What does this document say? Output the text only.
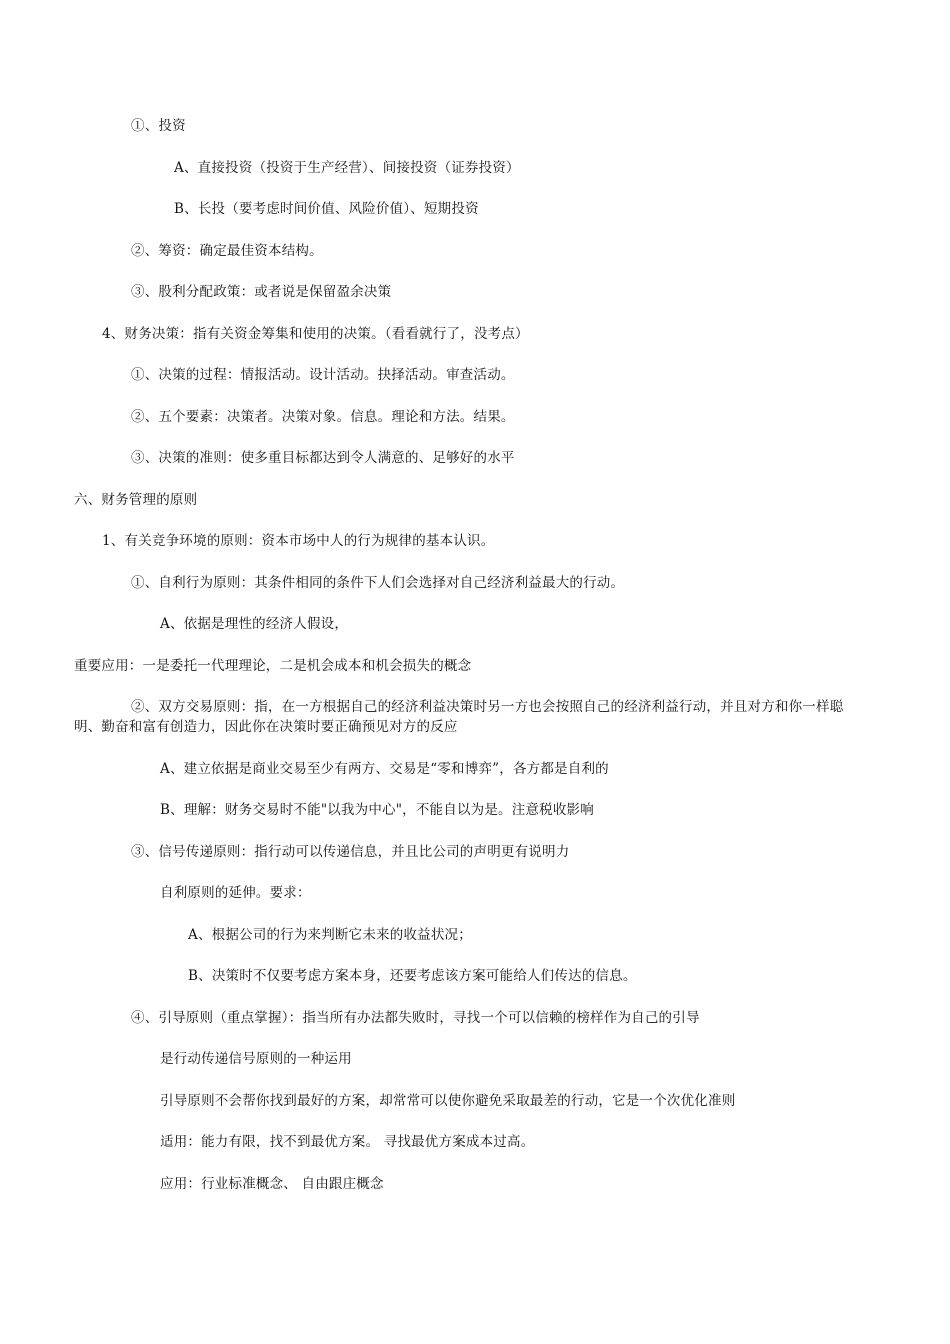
①、投资
A、直接投资（投资于生产经营）、间接投资（证券投资）
B、长投（要考虑时间价值、风险价值）、短期投资
②、筹资：确定最佳资本结构。
③、股利分配政策：或者说是保留盈余决策
4、财务决策：指有关资金筹集和使用的决策。（看看就行了，没考点）
①、决策的过程：情报活动。设计活动。抉择活动。审查活动。
②、五个要素：决策者。决策对象。信息。理论和方法。结果。
③、决策的准则：使多重目标都达到令人满意的、足够好的水平
六、财务管理的原则
1、有关竞争环境的原则：资本市场中人的行为规律的基本认识。
①、自利行为原则：其条件相同的条件下人们会选择对自己经济利益最大的行动。
A、依据是理性的经济人假设，
重要应用：一是委托一代理理论，二是机会成本和机会损失的概念
②、双方交易原则：指，在一方根据自己的经济利益决策时另一方也会按照自己的经济利益行动，并且对方和你一样聪
明、勤奋和富有创造力，因此你在决策时要正确预见对方的反应
A、建立依据是商业交易至少有两方、交易是“零和博弈”，各方都是自利的
B、理解：财务交易时不能"以我为中心"，不能自以为是。注意税收影响
③、信号传递原则：指行动可以传递信息，并且比公司的声明更有说明力
自利原则的延伸。要求：
A、根据公司的行为来判断它未来的收益状况；
B、决策时不仅要考虑方案本身，还要考虑该方案可能给人们传达的信息。
④、引导原则（重点掌握）：指当所有办法都失败时，寻找一个可以信赖的榜样作为自己的引导
是行动传递信号原则的一种运用
引导原则不会帮你找到最好的方案，却常常可以使你避免采取最差的行动，它是一个次优化准则
适用：能力有限，找不到最优方案。 寻找最优方案成本过高。
应用：行业标准概念、 自由跟庄概念
